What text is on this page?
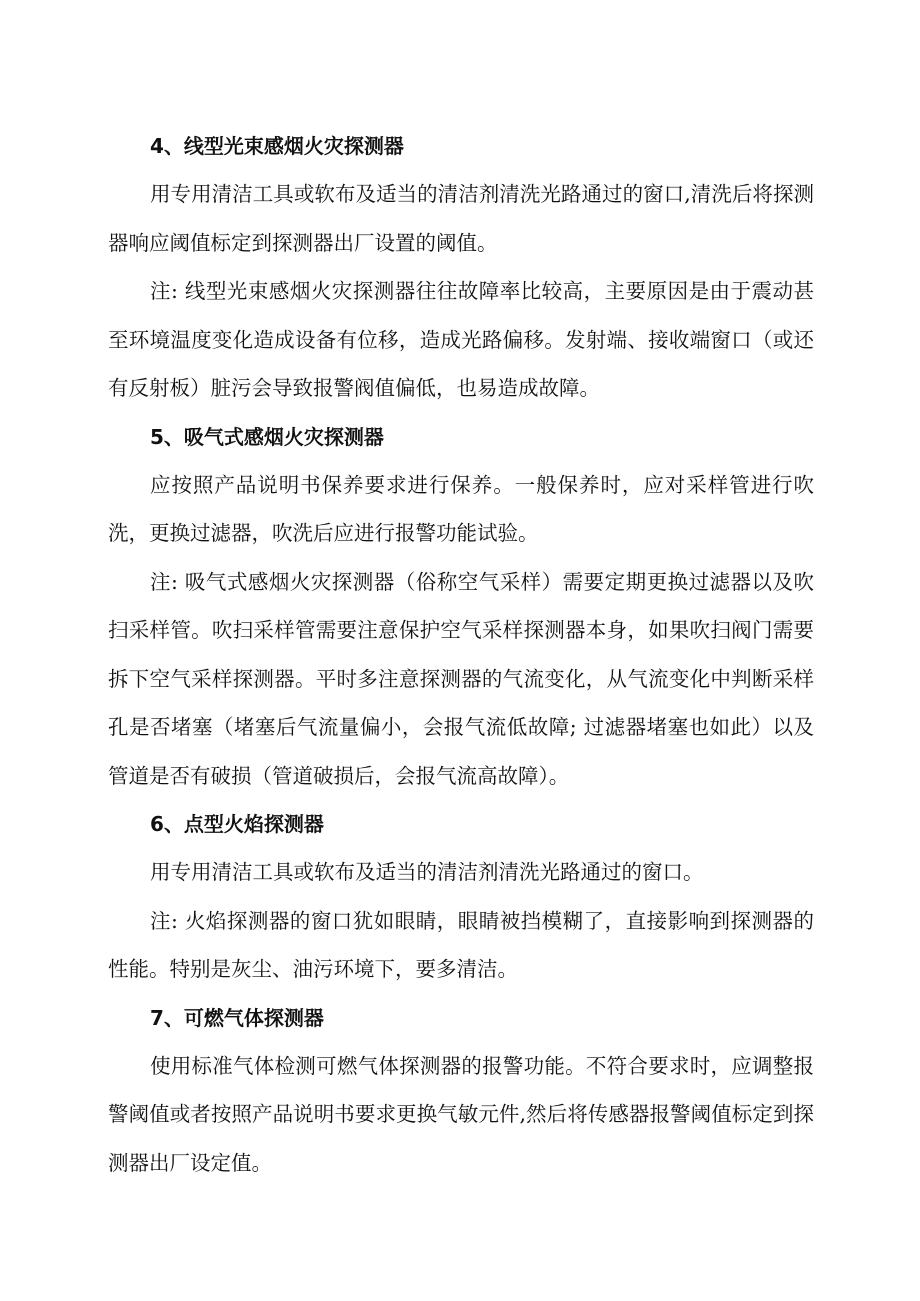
4、线型光束感烟火灾探测器

用专用清洁工具或软布及适当的清洁剂清洗光路通过的窗口,清洗后将探测器响应阈值标定到探测器出厂设置的阈值。

注: 线型光束感烟火灾探测器往往故障率比较高，主要原因是由于震动甚至环境温度变化造成设备有位移，造成光路偏移。发射端、接收端窗口（或还有反射板）脏污会导致报警阀值偏低，也易造成故障。

5、吸气式感烟火灾探测器

应按照产品说明书保养要求进行保养。一般保养时，应对采样管进行吹洗，更换过滤器，吹洗后应进行报警功能试验。

注: 吸气式感烟火灾探测器（俗称空气采样）需要定期更换过滤器以及吹扫采样管。吹扫采样管需要注意保护空气采样探测器本身，如果吹扫阀门需要拆下空气采样探测器。平时多注意探测器的气流变化，从气流变化中判断采样孔是否堵塞（堵塞后气流量偏小，会报气流低故障; 过滤器堵塞也如此）以及管道是否有破损（管道破损后，会报气流高故障）。

6、点型火焰探测器

用专用清洁工具或软布及适当的清洁剂清洗光路通过的窗口。

注: 火焰探测器的窗口犹如眼睛，眼睛被挡模糊了，直接影响到探测器的性能。特别是灰尘、油污环境下，要多清洁。

7、可燃气体探测器

使用标准气体检测可燃气体探测器的报警功能。不符合要求时，应调整报警阈值或者按照产品说明书要求更换气敏元件,然后将传感器报警阈值标定到探测器出厂设定值。
